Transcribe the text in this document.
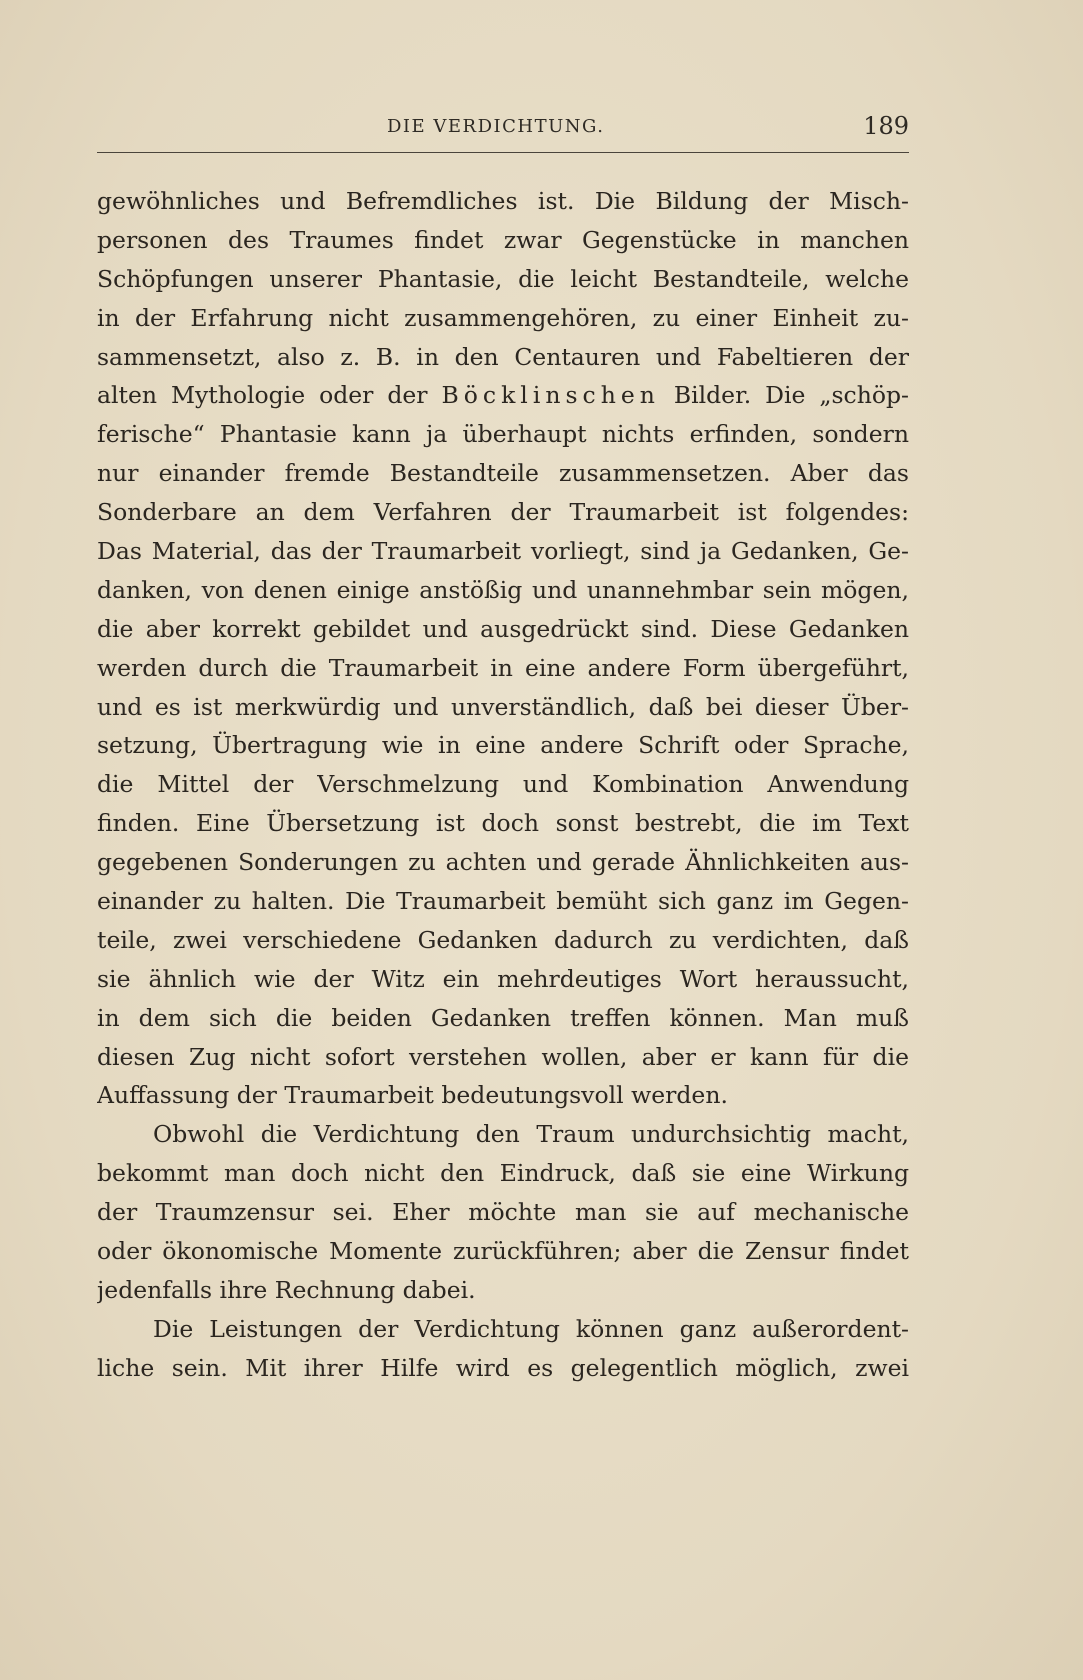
DIE VERDICHTUNG.	189
gewöhnliches und Befremdliches ist. Die Bildung der Misch-
personen des Traumes findet zwar Gegenstücke in manchen
Schöpfungen unserer Phantasie, die leicht Bestandteile, welche
in der Erfahrung nicht zusammengehören, zu einer Einheit zu-
sammensetzt, also z. B. in den Centauren und Fabeltieren der
alten Mythologie oder der Böcklinschen Bilder. Die „schöp-
ferische“ Phantasie kann ja überhaupt nichts erfinden, sondern
nur einander fremde Bestandteile zusammensetzen. Aber das
Sonderbare an dem Verfahren der Traumarbeit ist folgendes:
Das Material, das der Traumarbeit vorliegt, sind ja Gedanken, Ge-
danken, von denen einige anstößig und unannehmbar sein mögen,
die aber korrekt gebildet und ausgedrückt sind. Diese Gedanken
werden durch die Traumarbeit in eine andere Form übergeführt,
und es ist merkwürdig und unverständlich, daß bei dieser Über-
setzung, Übertragung wie in eine andere Schrift oder Sprache,
die Mittel der Verschmelzung und Kombination Anwendung
finden. Eine Übersetzung ist doch sonst bestrebt, die im Text
gegebenen Sonderungen zu achten und gerade Ähnlichkeiten aus-
einander zu halten. Die Traumarbeit bemüht sich ganz im Gegen-
teile, zwei verschiedene Gedanken dadurch zu verdichten, daß
sie ähnlich wie der Witz ein mehrdeutiges Wort heraussucht,
in dem sich die beiden Gedanken treffen können. Man muß
diesen Zug nicht sofort verstehen wollen, aber er kann für die
Auffassung der Traumarbeit bedeutungsvoll werden.
Obwohl die Verdichtung den Traum undurchsichtig macht,
bekommt man doch nicht den Eindruck, daß sie eine Wirkung
der Traumzensur sei. Eher möchte man sie auf mechanische
oder ökonomische Momente zurückführen; aber die Zensur findet
jedenfalls ihre Rechnung dabei.
Die Leistungen der Verdichtung können ganz außerordent-
liche sein. Mit ihrer Hilfe wird es gelegentlich möglich, zwei
